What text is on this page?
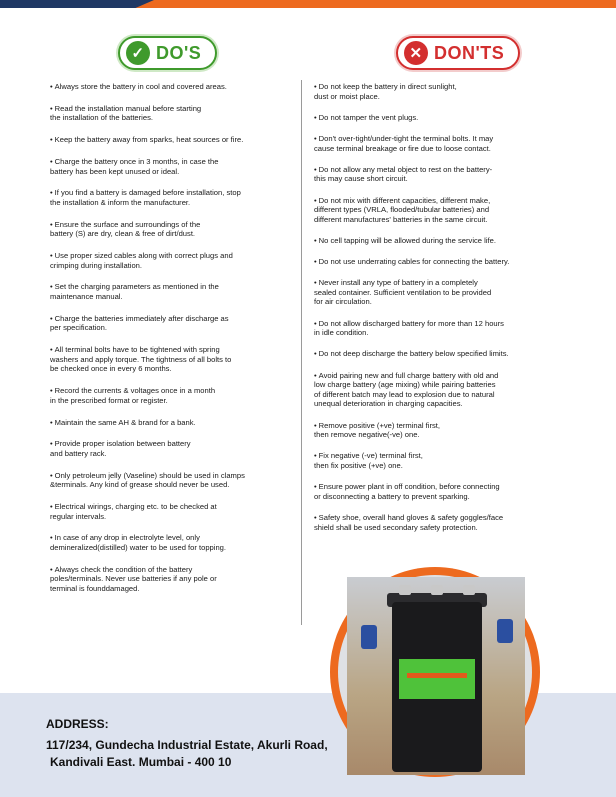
✓ DO'S	✕ DON'TS
• Always store the battery in cool and covered areas.
• Read the installation manual before starting
the installation of the batteries.
• Keep the battery away from sparks, heat sources or fire.
• Charge the battery once in 3 months, in case the
battery has been kept unused or ideal.
• If you find a battery is damaged before installation, stop
the installation & inform the manufacturer.
• Ensure the surface and surroundings of the
battery (S) are dry, clean & free of dirt/dust.
• Use proper sized cables along with correct plugs and
crimping during installation.
• Set the charging parameters as mentioned in the
maintenance manual.
• Charge the batteries immediately after discharge as
per specification.
• All terminal bolts have to be tightened with spring
washers and apply torque. The tightness of all bolts to
be checked once in every 6 months.
• Record the currents & voltages once in a month
in the prescribed format or register.
• Maintain the same AH & brand for a bank.
• Provide proper isolation between battery
and battery rack.
• Only petroleum jelly (Vaseline) should be used in clamps
&terminals. Any kind of grease should never be used.
• Electrical wirings, charging etc. to be checked at
regular intervals.
• In case of any drop in electrolyte level, only
demineralized(distilled) water to be used for topping.
• Always check the condition of the battery
poles/terminals. Never use batteries if any pole or
terminal is founddamaged.
• Do not keep the battery in direct sunlight,
dust or moist place.
• Do not tamper the vent plugs.
• Don't over-tight/under-tight the terminal bolts. It may
cause terminal breakage or fire due to loose contact.
• Do not allow any metal object to rest on the battery-
this may cause short circuit.
• Do not mix with different capacities, different make,
different types (VRLA, flooded/tubular batteries) and
different manufactures' batteries in the same circuit.
• No cell tapping will be allowed during the service life.
• Do not use underrating cables for connecting the battery.
• Never install any type of battery in a completely
sealed container. Sufficient ventilation to be provided
for air circulation.
• Do not allow discharged battery for more than 12 hours
in idle condition.
• Do not deep discharge the battery below specified limits.
• Avoid pairing new and full charge battery with old and
low charge battery (age mixing) while pairing batteries
of different batch may lead to explosion due to natural
unequal deterioration in charging capacities.
• Remove positive (+ve) terminal first,
then remove negative(-ve) one.
• Fix negative (-ve) terminal first,
then fix positive (+ve) one.
• Ensure power plant in off condition, before connecting
or disconnecting a battery to prevent sparking.
• Safety shoe, overall hand gloves & safety goggles/face
shield shall be used secondary safety protection.
ADDRESS:
117/234, Gundecha Industrial Estate, Akurli Road,
Kandivali East. Mumbai - 400 10
